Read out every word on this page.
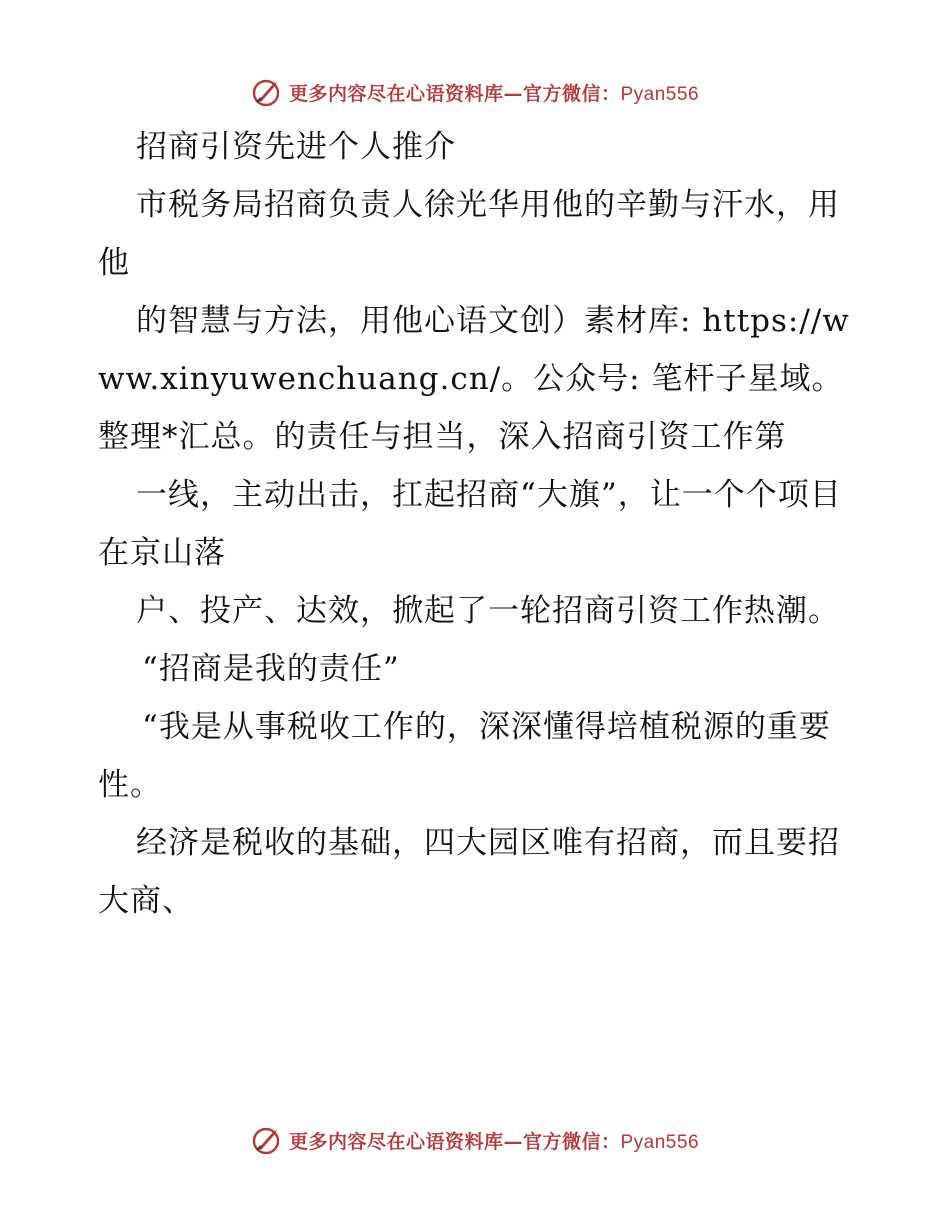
更多内容尽在心语资料库—官方微信：Pyan556

招商引资先进个人推介

市税务局招商负责人徐光华用他的辛勤与汗水，用他

的智慧与方法，用他心语文创）素材库: https://www.xinyuwenchuang.cn/。公众号: 笔杆子星域。整理*汇总。的责任与担当，深入招商引资工作第

一线，主动出击，扛起招商“大旗”，让一个个项目在京山落

户、投产、达效，掀起了一轮招商引资工作热潮。

“招商是我的责任”

“我是从事税收工作的，深深懂得培植税源的重要性。

经济是税收的基础，四大园区唯有招商，而且要招大商、

更多内容尽在心语资料库—官方微信：Pyan556
